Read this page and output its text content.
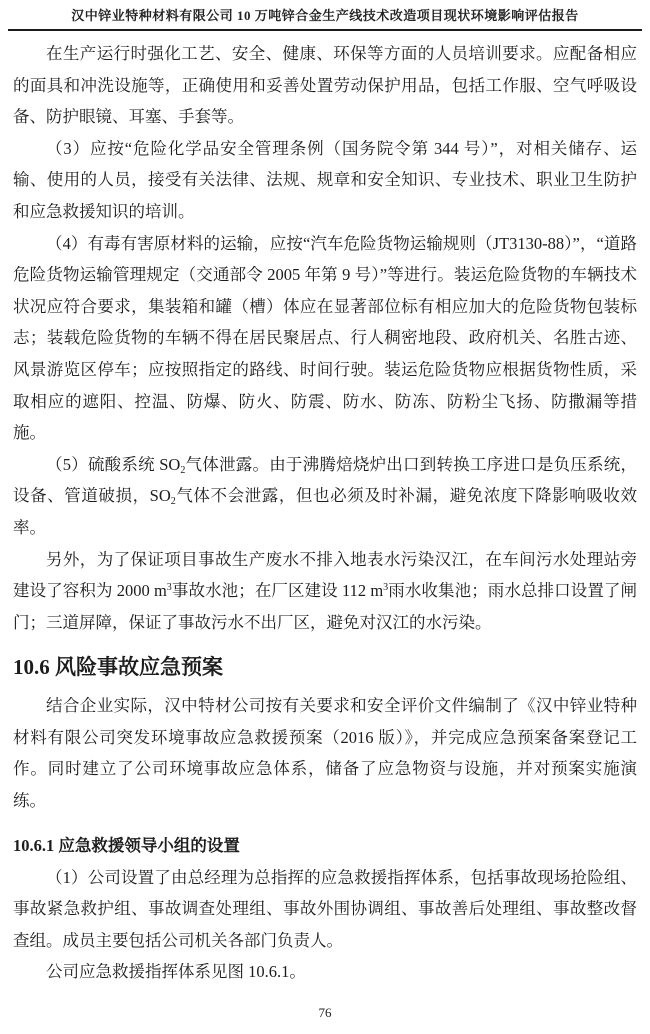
汉中锌业特种材料有限公司 10 万吨锌合金生产线技术改造项目现状环境影响评估报告

在生产运行时强化工艺、安全、健康、环保等方面的人员培训要求。应配备相应的面具和冲洗设施等，正确使用和妥善处置劳动保护用品，包括工作服、空气呼吸设备、防护眼镜、耳塞、手套等。

（3）应按“危险化学品安全管理条例（国务院令第 344 号）”，对相关储存、运输、使用的人员，接受有关法律、法规、规章和安全知识、专业技术、职业卫生防护和应急救援知识的培训。

（4）有毒有害原材料的运输，应按“汽车危险货物运输规则（JT3130-88）”，“道路危险货物运输管理规定（交通部令 2005 年第 9 号）”等进行。装运危险货物的车辆技术状况应符合要求，集装箱和罐（槽）体应在显著部位标有相应加大的危险货物包装标志；装载危险货物的车辆不得在居民聚居点、行人稠密地段、政府机关、名胜古迹、风景游览区停车；应按照指定的路线、时间行驶。装运危险货物应根据货物性质，采取相应的遮阳、控温、防爆、防火、防震、防水、防冻、防粉尘飞扬、防撒漏等措施。

（5）硫酸系统 $SO_2$气体泄露。由于沸腾焙烧炉出口到转换工序进口是负压系统，设备、管道破损，$SO_2$气体不会泄露，但也必须及时补漏，避免浓度下降影响吸收效率。

另外，为了保证项目事故生产废水不排入地表水污染汉江，在车间污水处理站旁建设了容积为 2000 $m^3$事故水池；在厂区建设 112 $m^3$雨水收集池；雨水总排口设置了闸门；三道屏障，保证了事故污水不出厂区，避免对汉江的水污染。

10.6 风险事故应急预案

结合企业实际，汉中特材公司按有关要求和安全评价文件编制了《汉中锌业特种材料有限公司突发环境事故应急救援预案（2016 版）》，并完成应急预案备案登记工作。同时建立了公司环境事故应急体系，储备了应急物资与设施，并对预案实施演练。

10.6.1 应急救援领导小组的设置

（1）公司设置了由总经理为总指挥的应急救援指挥体系，包括事故现场抢险组、事故紧急救护组、事故调查处理组、事故外围协调组、事故善后处理组、事故整改督查组。成员主要包括公司机关各部门负责人。

公司应急救援指挥体系见图 10.6.1。

76
